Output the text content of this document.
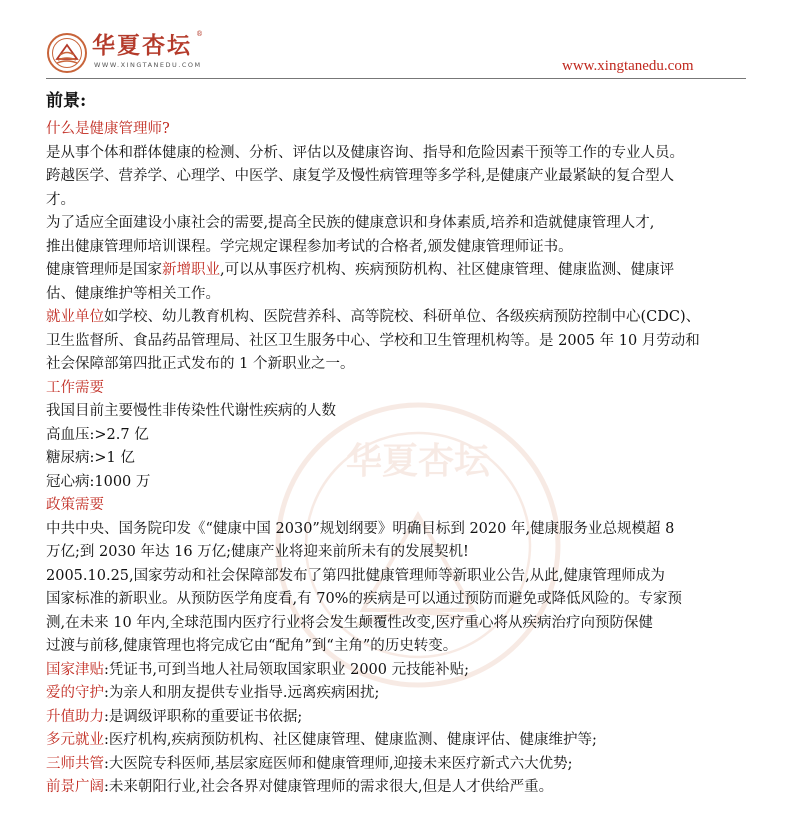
华夏杏坛 ®
WWW.XINGTANEDU.COM	www.xingtanedu.com
华夏杏坛
前景:
什么是健康管理师?
是从事个体和群体健康的检测、分析、评估以及健康咨询、指导和危险因素干预等工作的专业人员。
跨越医学、营养学、心理学、中医学、康复学及慢性病管理等多学科,是健康产业最紧缺的复合型人
才。
为了适应全面建设小康社会的需要,提高全民族的健康意识和身体素质,培养和造就健康管理人才,
推出健康管理师培训课程。学完规定课程参加考试的合格者,颁发健康管理师证书。
健康管理师是国家新增职业,可以从事医疗机构、疾病预防机构、社区健康管理、健康监测、健康评
估、健康维护等相关工作。
就业单位如学校、幼儿教育机构、医院营养科、高等院校、科研单位、各级疾病预防控制中心(CDC)、
卫生监督所、食品药品管理局、社区卫生服务中心、学校和卫生管理机构等。是 2005 年 10 月劳动和
社会保障部第四批正式发布的 1 个新职业之一。
工作需要
我国目前主要慢性非传染性代谢性疾病的人数
高血压:>2.7 亿
糖尿病:>1 亿
冠心病:1000 万
政策需要
中共中央、国务院印发《“健康中国 2030”规划纲要》明确目标到 2020 年,健康服务业总规模超 8
万亿;到 2030 年达 16 万亿;健康产业将迎来前所未有的发展契机!
2005.10.25,国家劳动和社会保障部发布了第四批健康管理师等新职业公告,从此,健康管理师成为
国家标准的新职业。从预防医学角度看,有 70%的疾病是可以通过预防而避免或降低风险的。专家预
测,在未来 10 年内,全球范围内医疗行业将会发生颠覆性改变,医疗重心将从疾病治疗向预防保健
过渡与前移,健康管理也将完成它由“配角”到“主角”的历史转变。
国家津贴:凭证书,可到当地人社局领取国家职业 2000 元技能补贴;
爱的守护:为亲人和朋友提供专业指导.远离疾病困扰;
升值助力:是调级评职称的重要证书依据;
多元就业:医疗机构,疾病预防机构、社区健康管理、健康监测、健康评估、健康维护等;
三师共管:大医院专科医师,基层家庭医师和健康管理师,迎接未来医疗新式六大优势;
前景广阔:未来朝阳行业,社会各界对健康管理师的需求很大,但是人才供给严重。
